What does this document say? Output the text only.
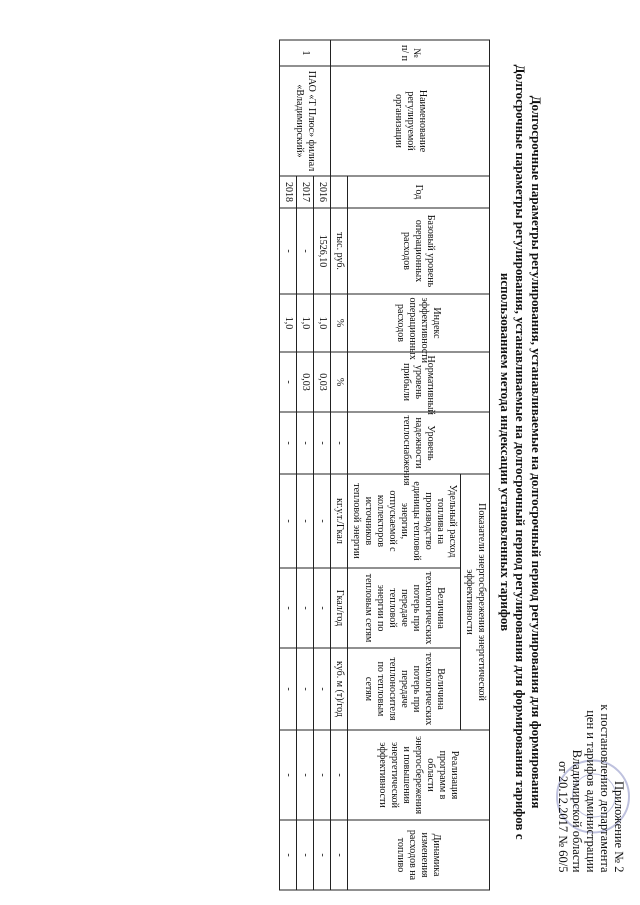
Приложение № 2
к постановлению департамента
цен и тарифов администрации
Владимирской области
от 20.12.2017 № 60/5
Долгосрочные параметры регулирования, устанавливаемые на долгосрочный период регулирования для формирования
Долгосрочные параметры регулирования, устанавливаемые на долгосрочный период регулирования для формирования тарифов с использованием метода индексации установленных тарифов
№ п/ п	Наименование регулируемой организации	Год	Базовый уровень операционных расходов	Индекс эффективности операционных расходов	Нормативный уровень прибыли	Уровень надежности теплоснабжения	Показатели энергосбережения энергетической эффективности			Реализация программ в области энергосбережения и повышения энергетической эффективности	Динамика изменения расходов на топливо
							Удельный расход топлива на производство единицы тепловой энергии, отпускаемой с коллекторов источников тепловой энергии	Величина технологических потерь при передаче тепловой энергии по тепловым сетям	Величина технологических потерь при передаче теплоносителя по тепловым сетям		
			тыс. руб.	%	%	-	кг.у.т./Гкал	Гкал/год	куб. м (т)/год	-	-
1	ПАО «Т Плюс» филиал «Владимирский»	2016	1526,10	1,0	0,03	-	-	-	-	-	-
		2017	-	1,0	0,03	-	-	-	-	-	-
		2018	-	1,0	-	-	-	-	-	-	-
